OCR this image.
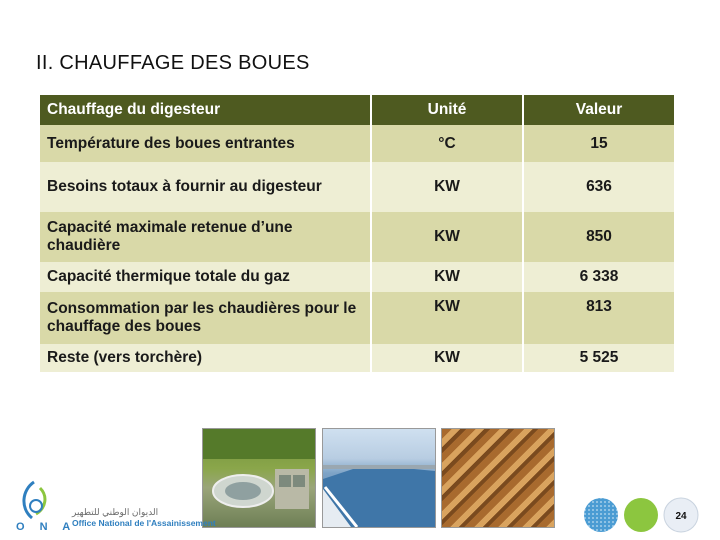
II. CHAUFFAGE DES BOUES
Chauffage du digesteur	Unité	Valeur
Température des boues entrantes	°C	15
Besoins totaux à fournir au digesteur	KW	636
Capacité maximale retenue d’une chaudière	KW	850
Capacité thermique totale du gaz	KW	6 338
Consommation par les chaudières pour le chauffage des boues	KW	813
Reste (vers torchère)	KW	5 525
O N A
الديوان الوطني للتطهير
Office National de l'Assainissement
24
